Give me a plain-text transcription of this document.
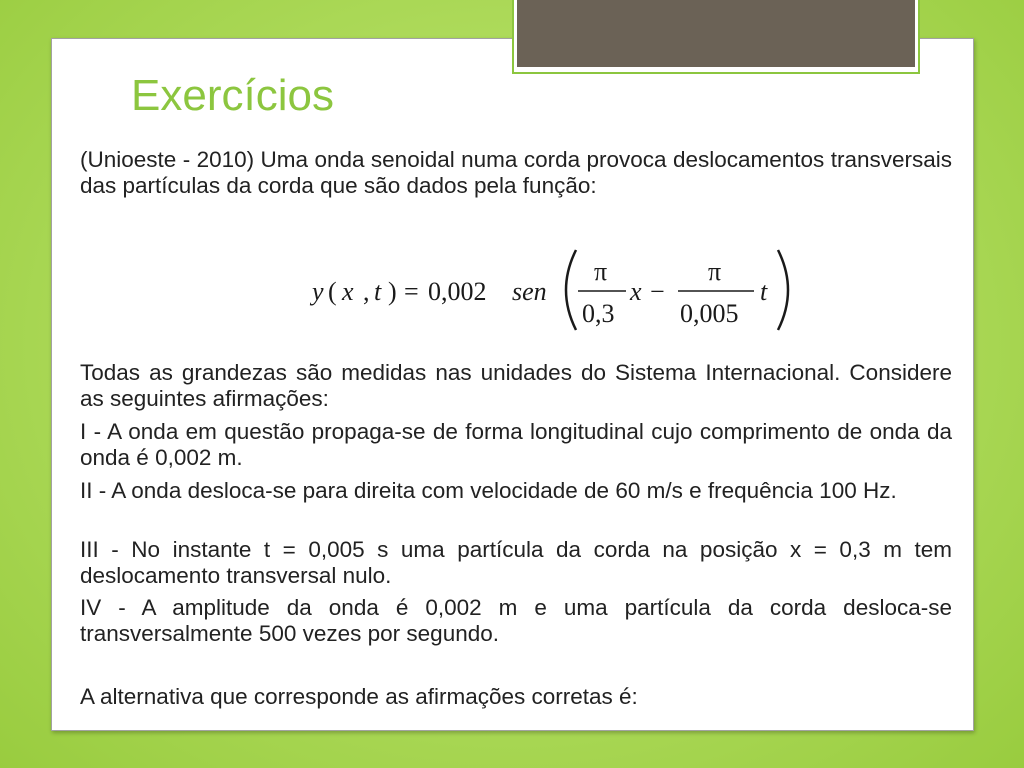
Exercícios

(Unioeste - 2010) Uma onda senoidal numa corda provoca deslocamentos transversais das partículas da corda que são dados pela função:

y ( x , t ) = 0,002 sen
π
0,3
x −
π
0,005
t

Todas as grandezas são medidas nas unidades do Sistema Internacional. Considere as seguintes afirmações:

I - A onda em questão propaga-se de forma longitudinal cujo comprimento de onda da onda é 0,002 m.

II - A onda desloca-se para direita com velocidade de 60 m/s e frequência 100 Hz.

III - No instante t = 0,005 s uma partícula da corda na posição x = 0,3 m tem deslocamento transversal nulo.

IV - A amplitude da onda é 0,002 m e uma partícula da corda desloca-se transversalmente 500 vezes por segundo.

A alternativa que corresponde as afirmações corretas é:
